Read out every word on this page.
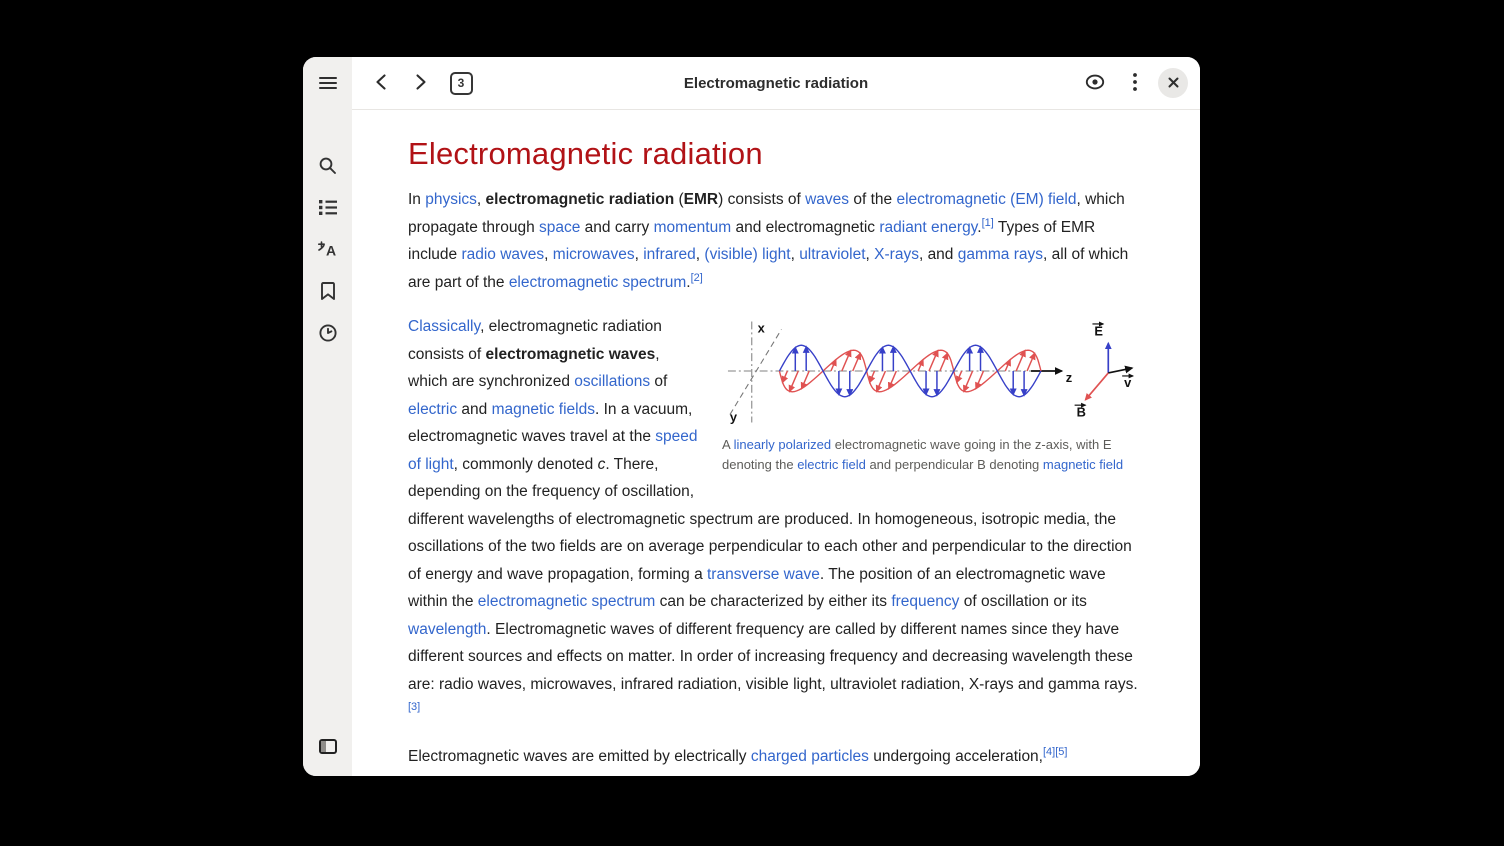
A
3	Electromagnetic radiation
Electromagnetic radiation

In physics, electromagnetic radiation (EMR) consists of waves of the electromagnetic (EM) field, which propagate through space and carry momentum and electromagnetic radiant energy.[1] Types of EMR include radio waves, microwaves, infrared, (visible) light, ultraviolet, X-rays, and gamma rays, all of which are part of the electromagnetic spectrum.[2]

x
y
z
E
v
B
A linearly polarized electromagnetic wave going in the z-axis, with E denoting the electric field and perpendicular B denoting magnetic field

Classically, electromagnetic radiation consists of electromagnetic waves, which are synchronized oscillations of electric and magnetic fields. In a vacuum, electromagnetic waves travel at the speed of light, commonly denoted c. There, depending on the frequency of oscillation, different wavelengths of electromagnetic spectrum are produced. In homogeneous, isotropic media, the oscillations of the two fields are on average perpendicular to each other and perpendicular to the direction of energy and wave propagation, forming a transverse wave. The position of an electromagnetic wave within the electromagnetic spectrum can be characterized by either its frequency of oscillation or its wavelength. Electromagnetic waves of different frequency are called by different names since they have different sources and effects on matter. In order of increasing frequency and decreasing wavelength these are: radio waves, microwaves, infrared radiation, visible light, ultraviolet radiation, X-rays and gamma rays.[3]

Electromagnetic waves are emitted by electrically charged particles undergoing acceleration,[4][5]
